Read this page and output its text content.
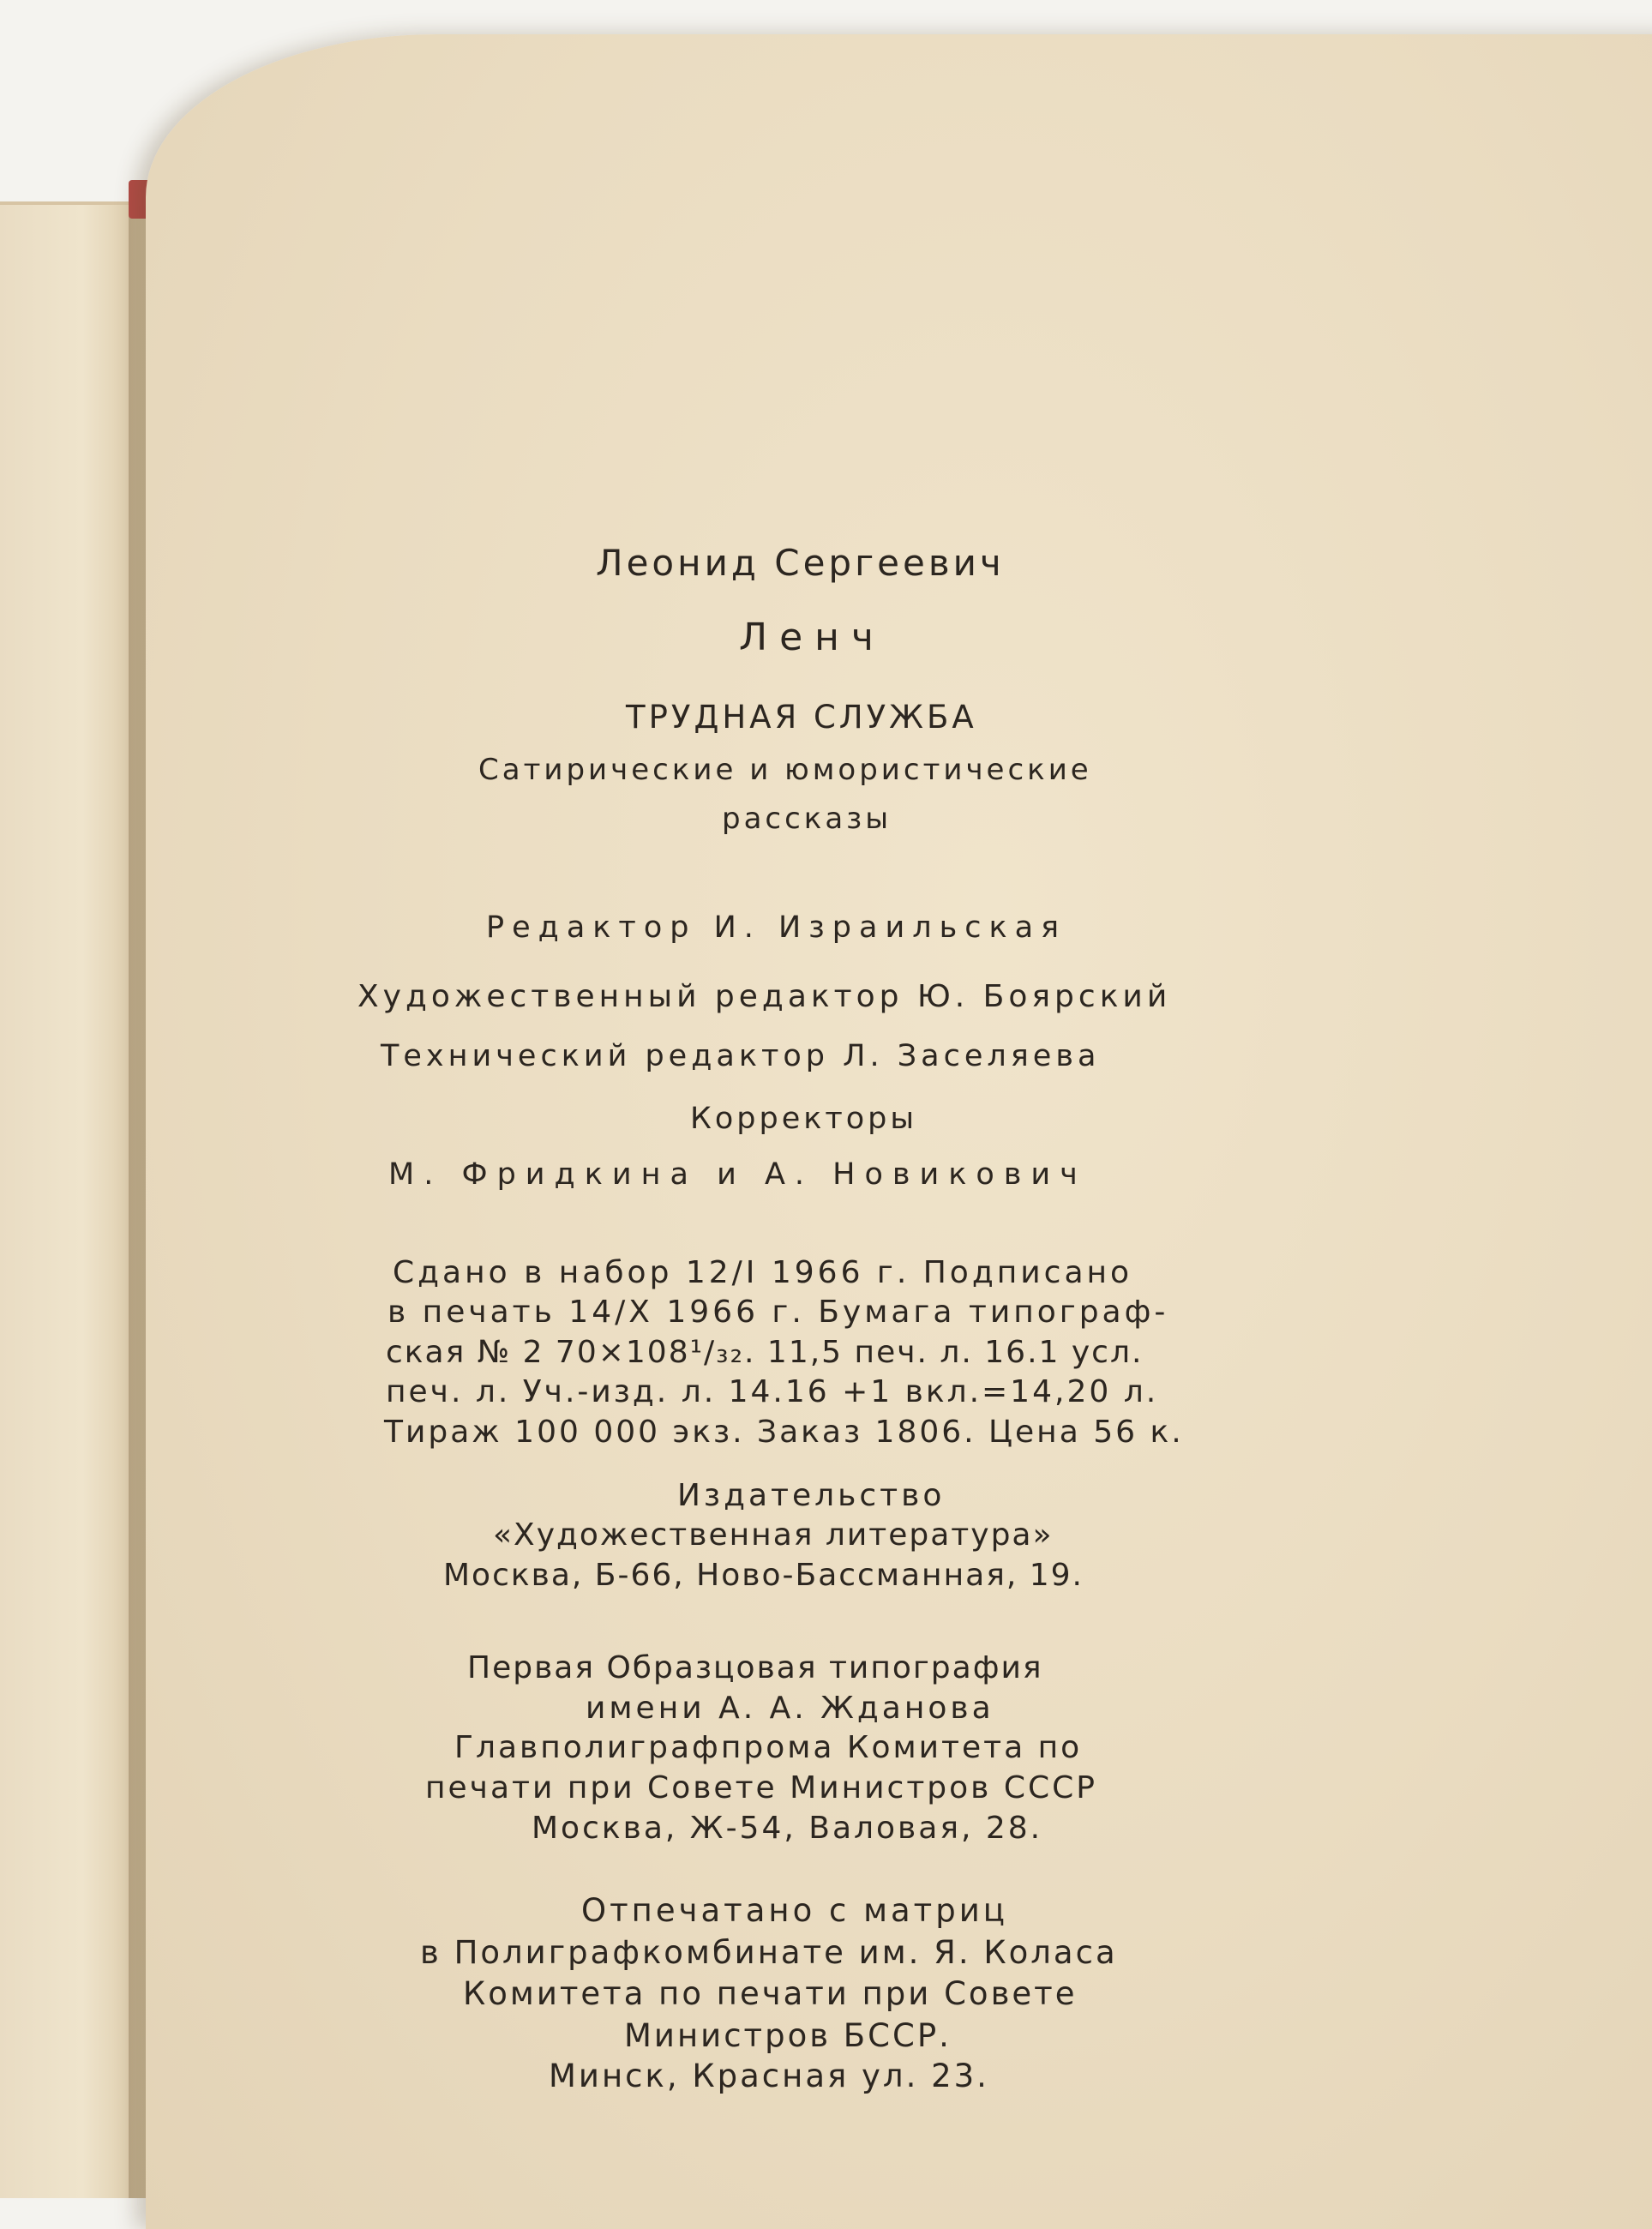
Леонид Сергеевич

Ленч

ТРУДНАЯ СЛУЖБА

Сатирические и юмористические

рассказы

Редактор И. Израильская

Художественный редактор Ю. Боярский

Технический редактор Л. Заселяева

Корректоры

М. Фридкина и А. Новикович

Сдано в набор 12/I 1966 г. Подписано

в печать 14/X 1966 г. Бумага типограф-

ская № 2 70×108¹/₃₂. 11,5 печ. л. 16.1 усл.

печ. л. Уч.-изд. л. 14.16 +1 вкл.=14,20 л.

Тираж 100 000 экз. Заказ 1806. Цена 56 к.

Издательство

«Художественная литература»

Москва, Б-66, Ново-Бассманная, 19.

Первая Образцовая типография

имени А. А. Жданова

Главполиграфпрома Комитета по

печати при Совете Министров СССР

Москва, Ж-54, Валовая, 28.

Отпечатано с матриц

в Полиграфкомбинате им. Я. Коласа

Комитета по печати при Совете

Министров БССР.

Минск, Красная ул. 23.
